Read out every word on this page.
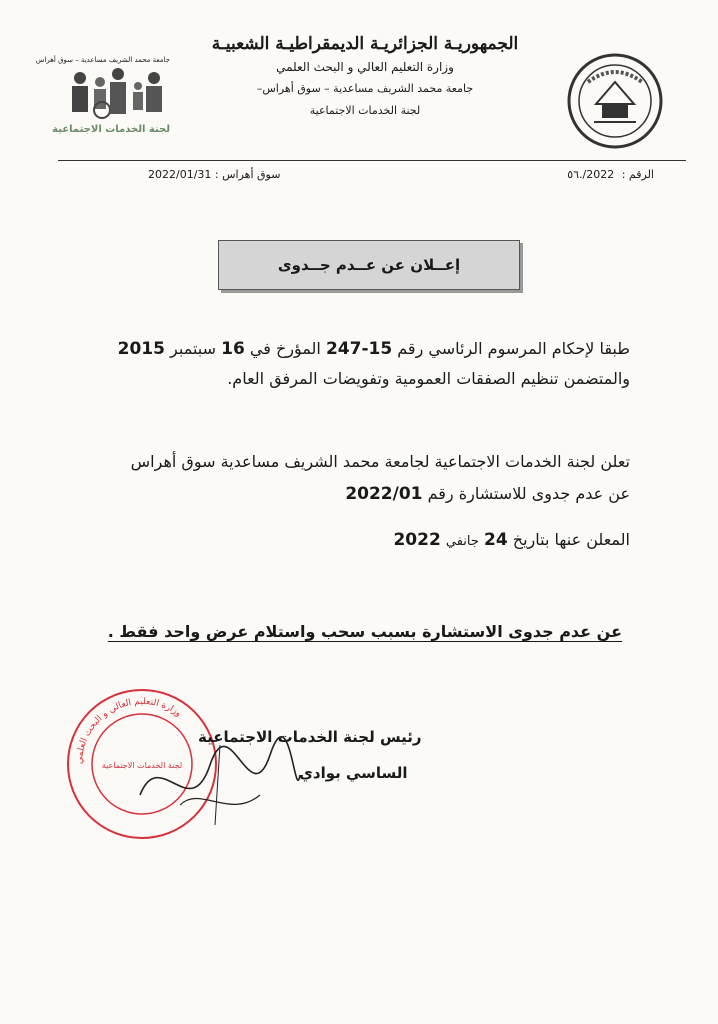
جامعة محمد الشريف مساعدية – سوق أهراس
لجنة الخدمات الاجتماعية
الجمهوريـة الجزائريـة الديمقراطيـة الشعبيـة
وزارة التعليم العالي و البحث العلمي
جامعة محمد الشريف مساعدية – سوق أهراس–
لجنة الخدمات الاجتماعية
الرقم : 2022/.٥٦
سوق أهراس : 2022/01/31
إعــلان عن عــدم جــدوى
طبقا لإحكام المرسوم الرئاسي رقم 15-247 المؤرخ في 16 سبتمبر 2015 والمتضمن تنظيم الصفقات العمومية وتفويضات المرفق العام.
تعلن لجنة الخدمات الاجتماعية لجامعة محمد الشريف مساعدية سوق أهراس عن عدم جدوى للاستشارة رقم 2022/01
المعلن عنها بتاريخ 24 جانفي 2022
عن عدم جدوى الاستشارة بسبب سحب واستلام عرض واحد فقط .
وزارة التعليم العالي و البحث العلمي
لجنة الخدمات الاجتماعية
رئيس لجنة الخدمات الاجتماعية
الساسي بوادي
